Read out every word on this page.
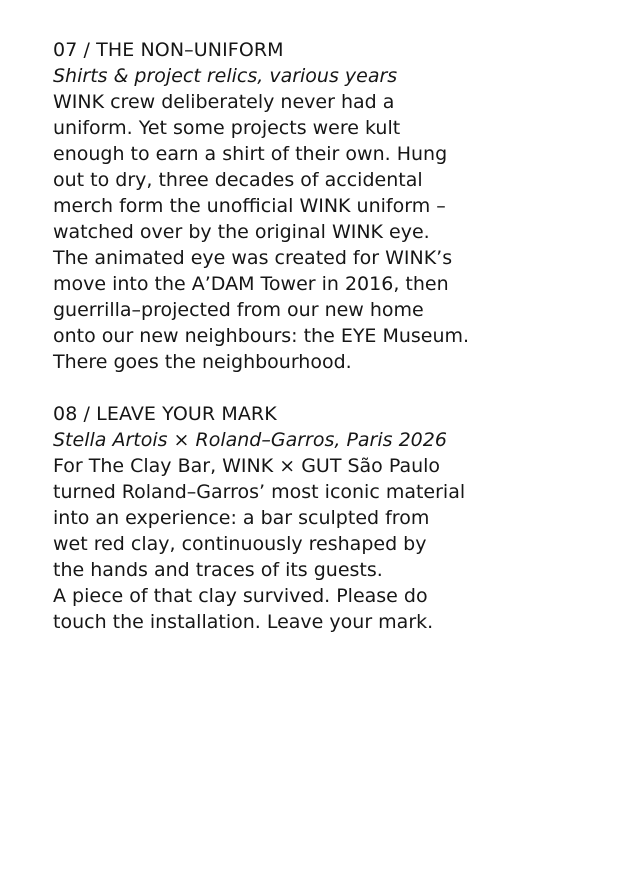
07 / THE NON–UNIFORM

Shirts & project relics, various years

WINK crew deliberately never had a
uniform. Yet some projects were kult
enough to earn a shirt of their own. Hung
out to dry, three decades of accidental
merch form the unofficial WINK uniform –
watched over by the original WINK eye.

The animated eye was created for WINK’s
move into the A’DAM Tower in 2016, then
guerrilla–projected from our new home
onto our new neighbours: the EYE Museum.
There goes the neighbourhood.

08 / LEAVE YOUR MARK

Stella Artois × Roland–Garros, Paris 2026

For The Clay Bar, WINK × GUT São Paulo
turned Roland–Garros’ most iconic material
into an experience: a bar sculpted from
wet red clay, continuously reshaped by
the hands and traces of its guests.

A piece of that clay survived. Please do
touch the installation. Leave your mark.
